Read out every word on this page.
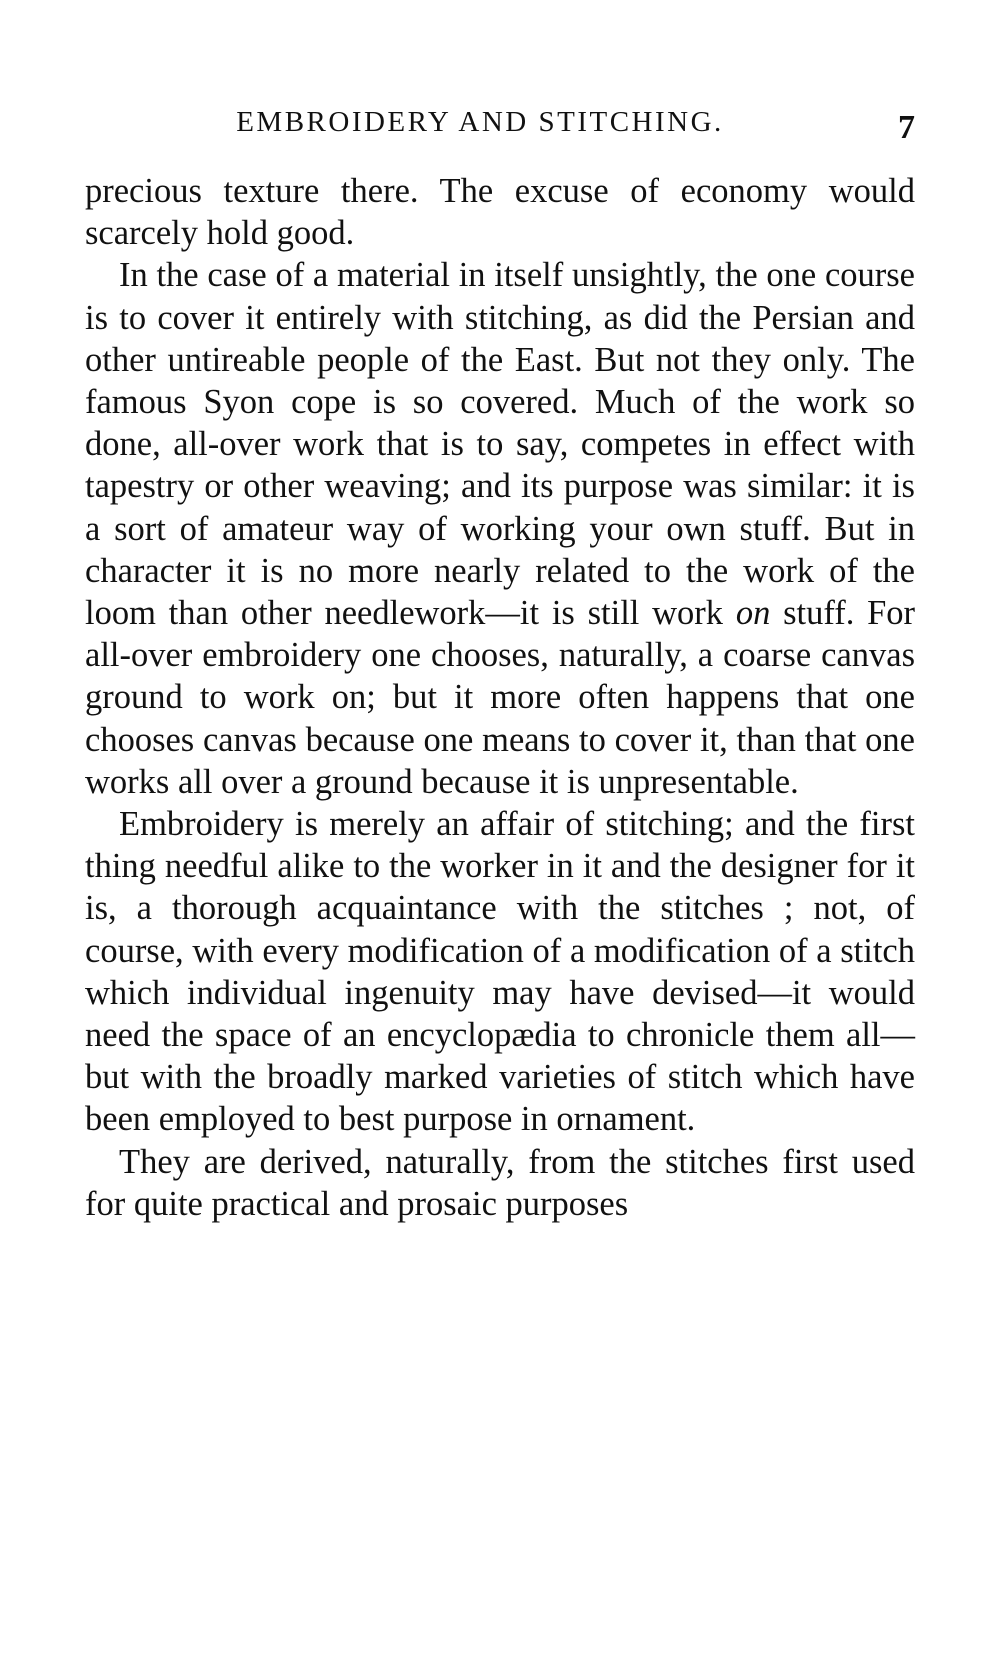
EMBROIDERY AND STITCHING.	7

precious texture there. The excuse of economy would scarcely hold good.

In the case of a material in itself unsightly, the one course is to cover it entirely with stitching, as did the Persian and other untireable people of the East. But not they only. The famous Syon cope is so covered. Much of the work so done, all-over work that is to say, competes in effect with tapestry or other weaving; and its purpose was similar: it is a sort of amateur way of working your own stuff. But in character it is no more nearly related to the work of the loom than other needlework—it is still work on stuff. For all-over embroidery one chooses, naturally, a coarse canvas ground to work on; but it more often happens that one chooses canvas because one means to cover it, than that one works all over a ground because it is unpresentable.

Embroidery is merely an affair of stitching; and the first thing needful alike to the worker in it and the designer for it is, a thorough acquaintance with the stitches ; not, of course, with every modification of a modification of a stitch which individual ingenuity may have devised—it would need the space of an encyclopædia to chronicle them all—but with the broadly marked varieties of stitch which have been employed to best purpose in ornament.

They are derived, naturally, from the stitches first used for quite practical and prosaic purposes
